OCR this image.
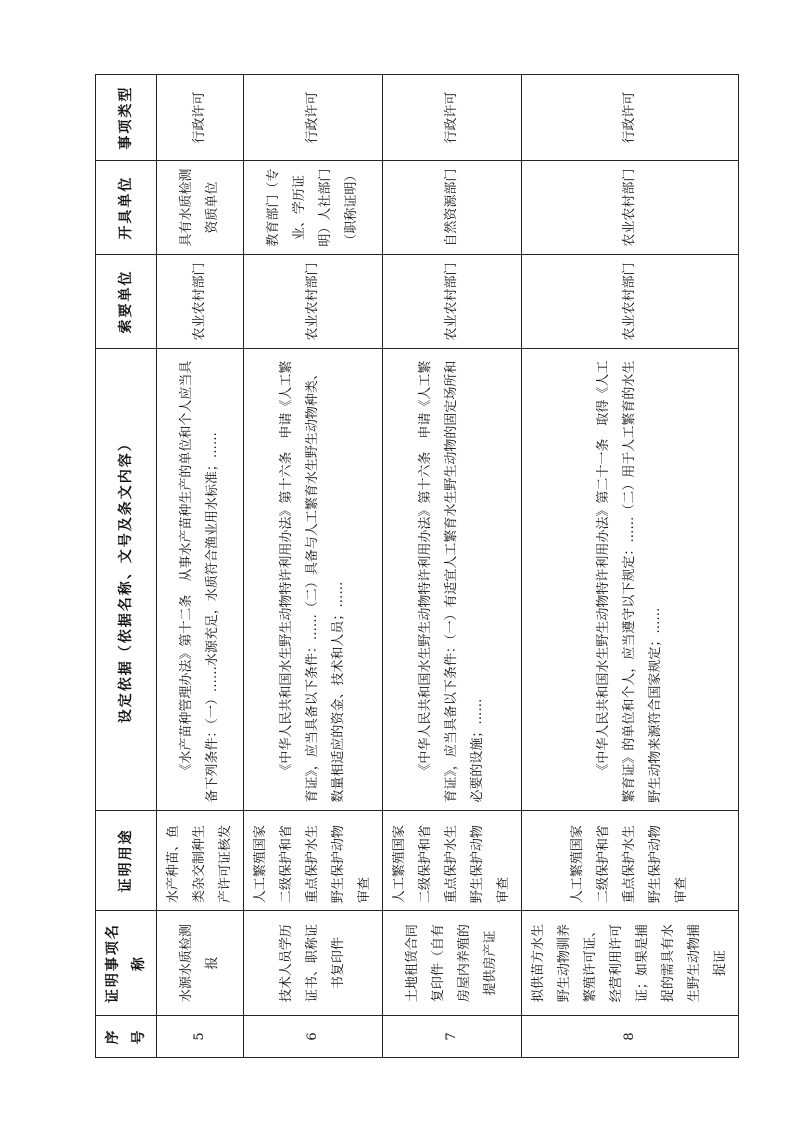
序号	证明事项名称	证明用途	设定依据（依据名称、文号及条文内容）	索要单位	开具单位	事项类型
5	水源水质检测报	水产种苗、鱼类杂交制种生产许可证核发	《水产苗种管理办法》第十二条　从事水产苗种生产的单位和个人应当具备下列条件：（一）……水源充足，水质符合渔业用水标准；……	农业农村部门	具有水质检测资质单位	行政许可
6	技术人员学历证书、职称证书复印件	人工繁殖国家二级保护和省重点保护水生野生保护动物审查	《中华人民共和国水生野生动物特许利用办法》第十六条　申请《人工繁育证》，应当具备以下条件：……（二）具备与人工繁育水生野生动物种类、数量相适应的资金、技术和人员；……	农业农村部门	教育部门（专业、学历证明）人社部门（职称证明）	行政许可
7	土地租赁合同复印件（自有房屋内养殖的提供房产证	人工繁殖国家二级保护和省重点保护水生野生保护动物审查	《中华人民共和国水生野生动物特许利用办法》第十六条　申请《人工繁育证》，应当具备以下条件：（一）有适宜人工繁育水生野生动物的固定场所和必要的设施；……	农业农村部门	自然资源部门	行政许可
8	拟供苗方水生野生动物驯养繁殖许可证、经营利用许可证；如果是捕捉的需具有水生野生动物捕捉证	人工繁殖国家二级保护和省重点保护水生野生保护动物审查	《中华人民共和国水生野生动物特许利用办法》第二十一条　取得《人工繁育证》的单位和个人，应当遵守以下规定：……（二）用于人工繁育的水生野生动物来源符合国家规定；……	农业农村部门	农业农村部门	行政许可
